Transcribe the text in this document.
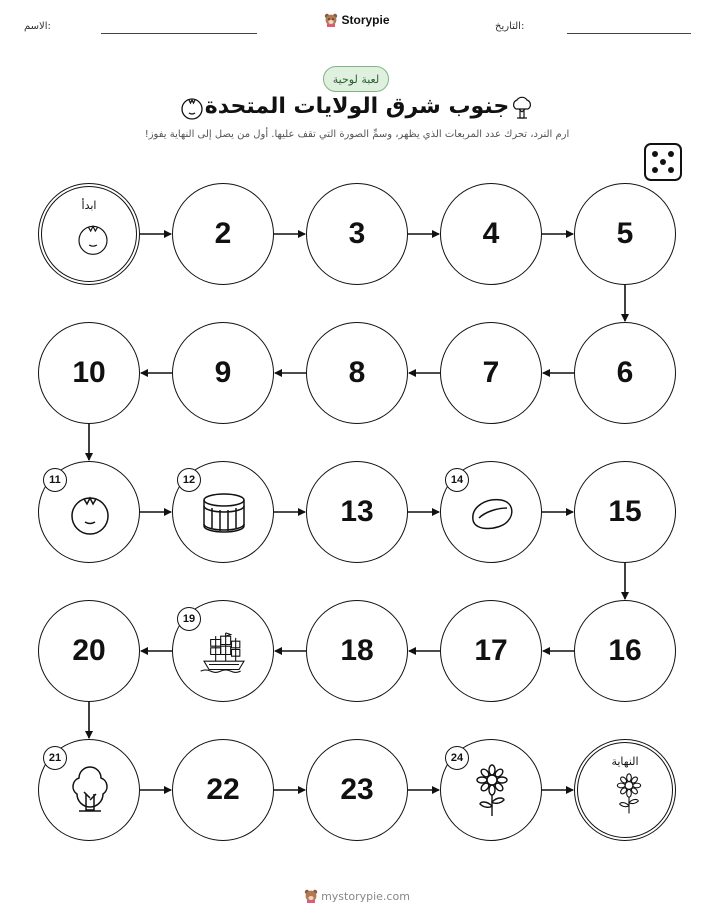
الاسم:	التاريخ:
Storypie
لعبة لوحية
جنوب شرق الولايات المتحدة
ارم النرد، تحرك عدد المربعات الذي يظهر، وسمِّ الصورة التي تقف عليها. أول من يصل إلى النهاية يفوز!
ابدأ
2	3	4	5
6
7
8
9
10
11	12
13
14
15
16
17
18
19
20
21
22	23
24	النهاية
mystorypie.com
